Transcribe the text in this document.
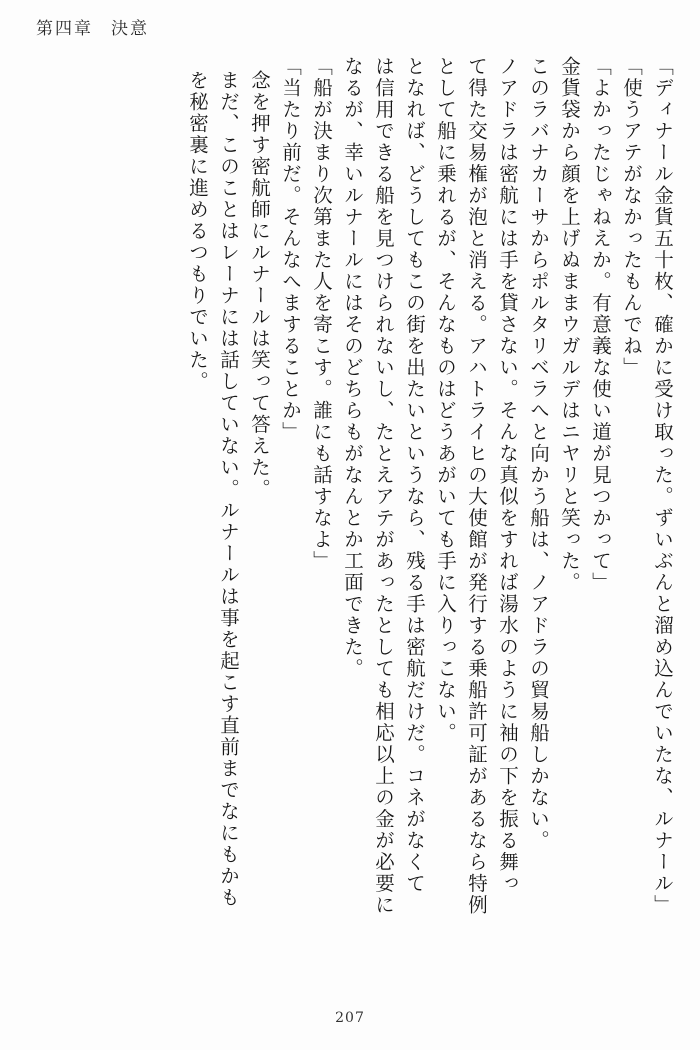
第四章 決意
「ディナール金貨五十枚、確かに受け取った。ずいぶんと溜め込んでいたな、ルナール」
「使うアテがなかったもんでね」
「よかったじゃねえか。有意義な使い道が見つかって」
金貨袋から顔を上げぬままウガルデはニヤリと笑った。
このラバナカーサからポルタリベラへと向かう船は、ノアドラの貿易船しかない。
ノアドラは密航には手を貸さない。そんな真似をすれば湯水のように袖の下を振る舞っ
て得た交易権が泡と消える。アハトライヒの大使館が発行する乗船許可証があるなら特例
として船に乗れるが、そんなものはどうあがいても手に入りっこない。
となれば、どうしてもこの街を出たいというなら、残る手は密航だけだ。コネがなくて
は信用できる船を見つけられないし、たとえアテがあったとしても相応以上の金が必要に
なるが、幸いルナールにはそのどちらもがなんとか工面できた。
「船が決まり次第また人を寄こす。誰にも話すなよ」
「当たり前だ。そんなへますることか」
念を押す密航師にルナールは笑って答えた。
まだ、このことはレーナには話していない。ルナールは事を起こす直前までなにもかも
を秘密裏に進めるつもりでいた。
207
